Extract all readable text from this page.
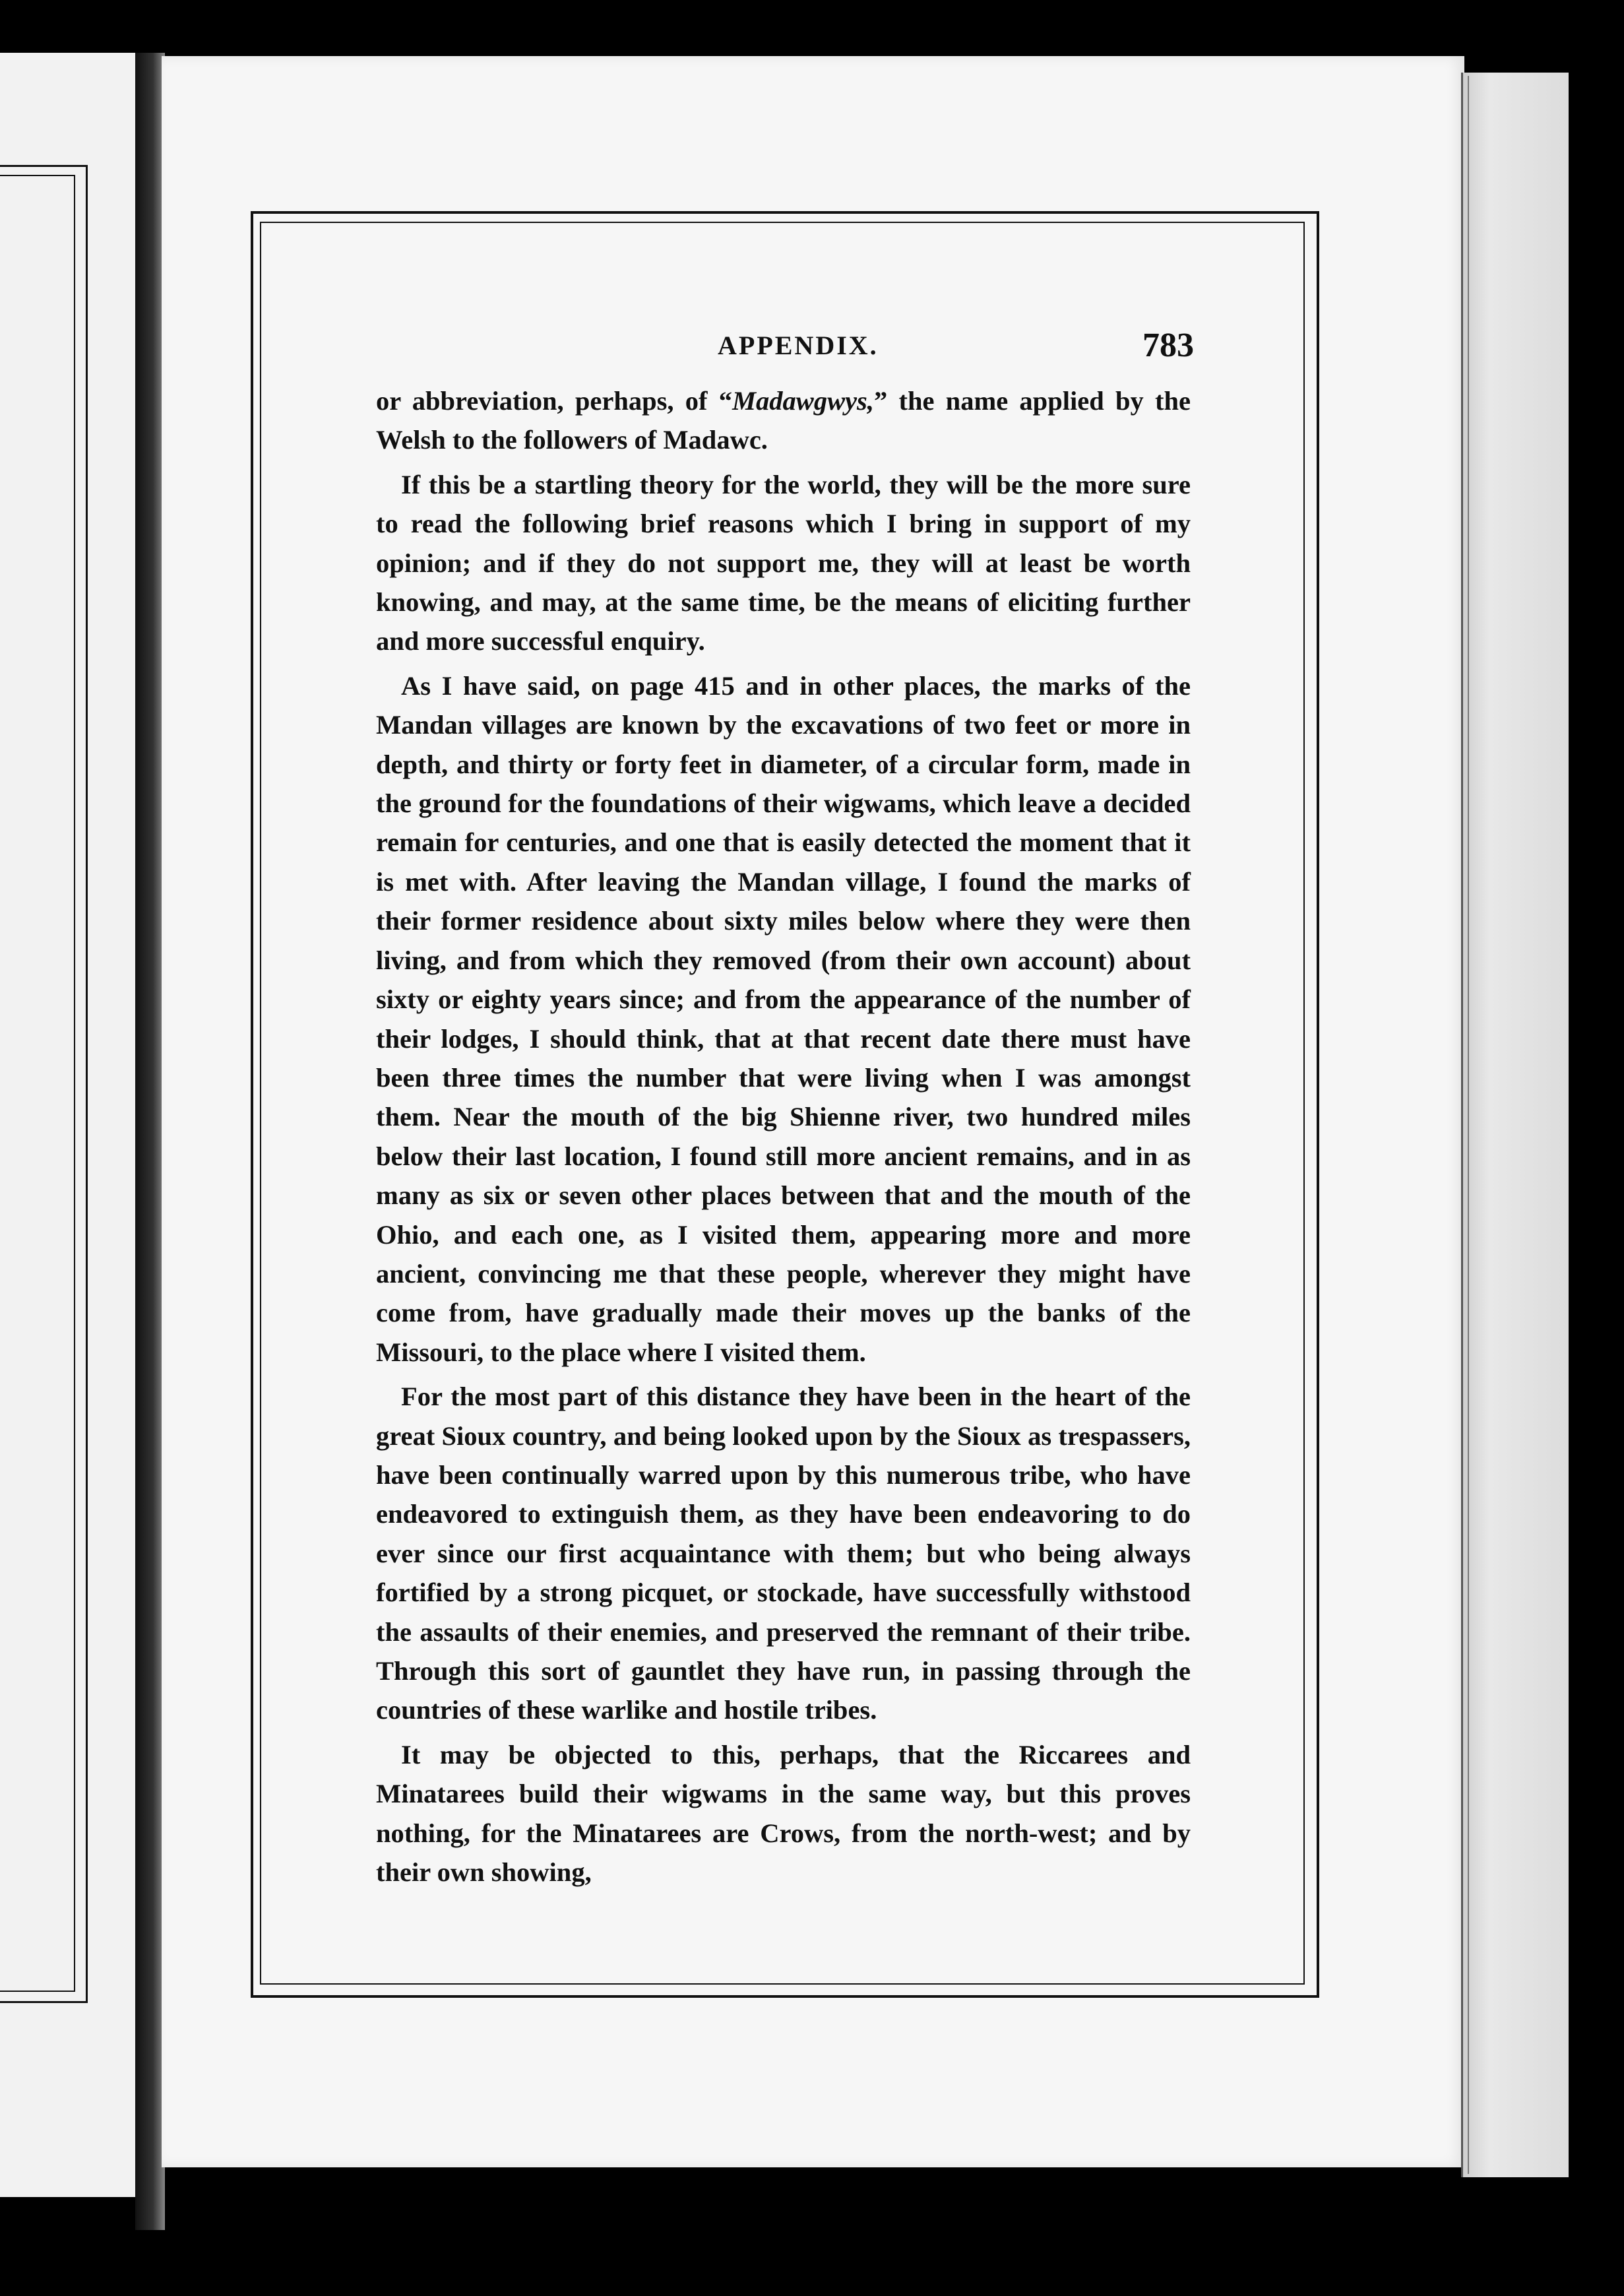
APPENDIX.	783

or abbreviation, perhaps, of “Madawgwys,” the name applied by the Welsh to the followers of Madawc.

If this be a startling theory for the world, they will be the more sure to read the following brief reasons which I bring in support of my opinion; and if they do not support me, they will at least be worth knowing, and may, at the same time, be the means of eliciting further and more successful enquiry.

As I have said, on page 415 and in other places, the marks of the Mandan villages are known by the excavations of two feet or more in depth, and thirty or forty feet in diameter, of a circular form, made in the ground for the foundations of their wigwams, which leave a decided remain for centuries, and one that is easily detected the moment that it is met with. After leaving the Mandan village, I found the marks of their former residence about sixty miles below where they were then living, and from which they removed (from their own account) about sixty or eighty years since; and from the appearance of the number of their lodges, I should think, that at that recent date there must have been three times the number that were living when I was amongst them. Near the mouth of the big Shienne river, two hundred miles below their last location, I found still more ancient remains, and in as many as six or seven other places between that and the mouth of the Ohio, and each one, as I visited them, appearing more and more ancient, convincing me that these people, wherever they might have come from, have gradually made their moves up the banks of the Missouri, to the place where I visited them.

For the most part of this distance they have been in the heart of the great Sioux country, and being looked upon by the Sioux as trespassers, have been continually warred upon by this numerous tribe, who have endeavored to extinguish them, as they have been endeavoring to do ever since our first acquaintance with them; but who being always fortified by a strong picquet, or stockade, have successfully withstood the assaults of their enemies, and preserved the remnant of their tribe. Through this sort of gauntlet they have run, in passing through the countries of these warlike and hostile tribes.

It may be objected to this, perhaps, that the Riccarees and Minatarees build their wigwams in the same way, but this proves nothing, for the Minatarees are Crows, from the north-west; and by their own showing,
